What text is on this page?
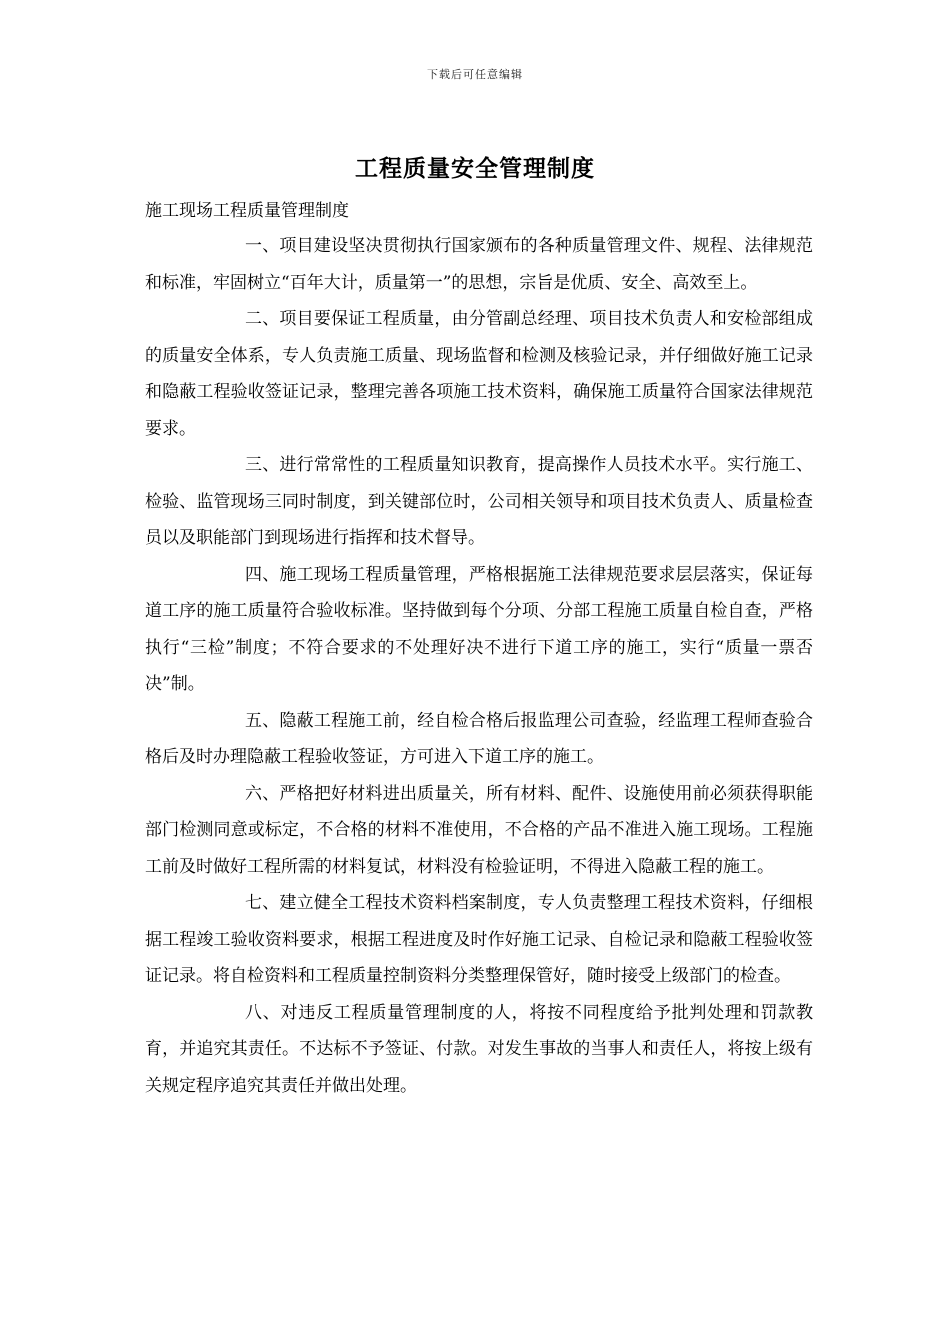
下载后可任意编辑
工程质量安全管理制度
施工现场工程质量管理制度

一、项目建设坚决贯彻执行国家颁布的各种质量管理文件、规程、法律规范和标准，牢固树立“百年大计，质量第一”的思想，宗旨是优质、安全、高效至上。

二、项目要保证工程质量，由分管副总经理、项目技术负责人和安检部组成的质量安全体系，专人负责施工质量、现场监督和检测及核验记录，并仔细做好施工记录和隐蔽工程验收签证记录，整理完善各项施工技术资料，确保施工质量符合国家法律规范要求。

三、进行常常性的工程质量知识教育，提高操作人员技术水平。实行施工、检验、监管现场三同时制度，到关键部位时，公司相关领导和项目技术负责人、质量检查员以及职能部门到现场进行指挥和技术督导。

四、施工现场工程质量管理，严格根据施工法律规范要求层层落实，保证每道工序的施工质量符合验收标准。坚持做到每个分项、分部工程施工质量自检自查，严格执行“三检”制度；不符合要求的不处理好决不进行下道工序的施工，实行“质量一票否决”制。

五、隐蔽工程施工前，经自检合格后报监理公司查验，经监理工程师查验合格后及时办理隐蔽工程验收签证，方可进入下道工序的施工。

六、严格把好材料进出质量关，所有材料、配件、设施使用前必须获得职能部门检测同意或标定，不合格的材料不准使用，不合格的产品不准进入施工现场。工程施工前及时做好工程所需的材料复试，材料没有检验证明，不得进入隐蔽工程的施工。

七、建立健全工程技术资料档案制度，专人负责整理工程技术资料，仔细根据工程竣工验收资料要求，根据工程进度及时作好施工记录、自检记录和隐蔽工程验收签证记录。将自检资料和工程质量控制资料分类整理保管好，随时接受上级部门的检查。

八、对违反工程质量管理制度的人，将按不同程度给予批判处理和罚款教育，并追究其责任。不达标不予签证、付款。对发生事故的当事人和责任人，将按上级有关规定程序追究其责任并做出处理。
